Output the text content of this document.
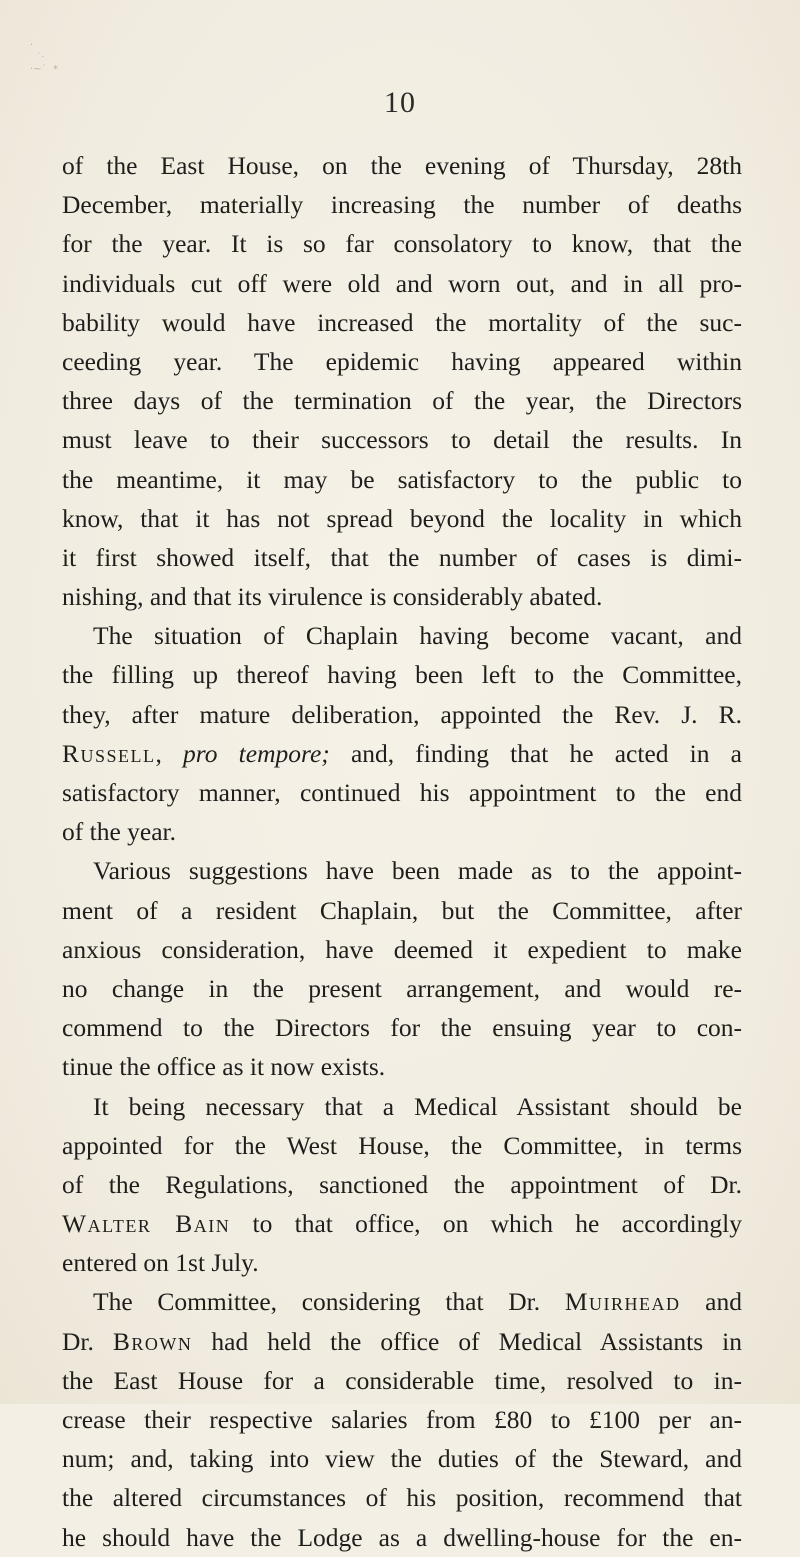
·
˙·
·~˙  *
10
of the East House, on the evening of Thursday, 28th
December, materially increasing the number of deaths
for the year. It is so far consolatory to know, that the
individuals cut off were old and worn out, and in all pro-
bability would have increased the mortality of the suc-
ceeding year. The epidemic having appeared within
three days of the termination of the year, the Directors
must leave to their successors to detail the results. In
the meantime, it may be satisfactory to the public to
know, that it has not spread beyond the locality in which
it first showed itself, that the number of cases is dimi-
nishing, and that its virulence is considerably abated.
The situation of Chaplain having become vacant, and
the filling up thereof having been left to the Committee,
they, after mature deliberation, appointed the Rev. J. R.
Russell, pro tempore; and, finding that he acted in a
satisfactory manner, continued his appointment to the end
of the year.
Various suggestions have been made as to the appoint-
ment of a resident Chaplain, but the Committee, after
anxious consideration, have deemed it expedient to make
no change in the present arrangement, and would re-
commend to the Directors for the ensuing year to con-
tinue the office as it now exists.
It being necessary that a Medical Assistant should be
appointed for the West House, the Committee, in terms
of the Regulations, sanctioned the appointment of Dr.
Walter Bain to that office, on which he accordingly
entered on 1st July.
The Committee, considering that Dr. Muirhead and
Dr. Brown had held the office of Medical Assistants in
the East House for a considerable time, resolved to in-
crease their respective salaries from £80 to £100 per an-
num; and, taking into view the duties of the Steward, and
the altered circumstances of his position, recommend that
he should have the Lodge as a dwelling-house for the en-
